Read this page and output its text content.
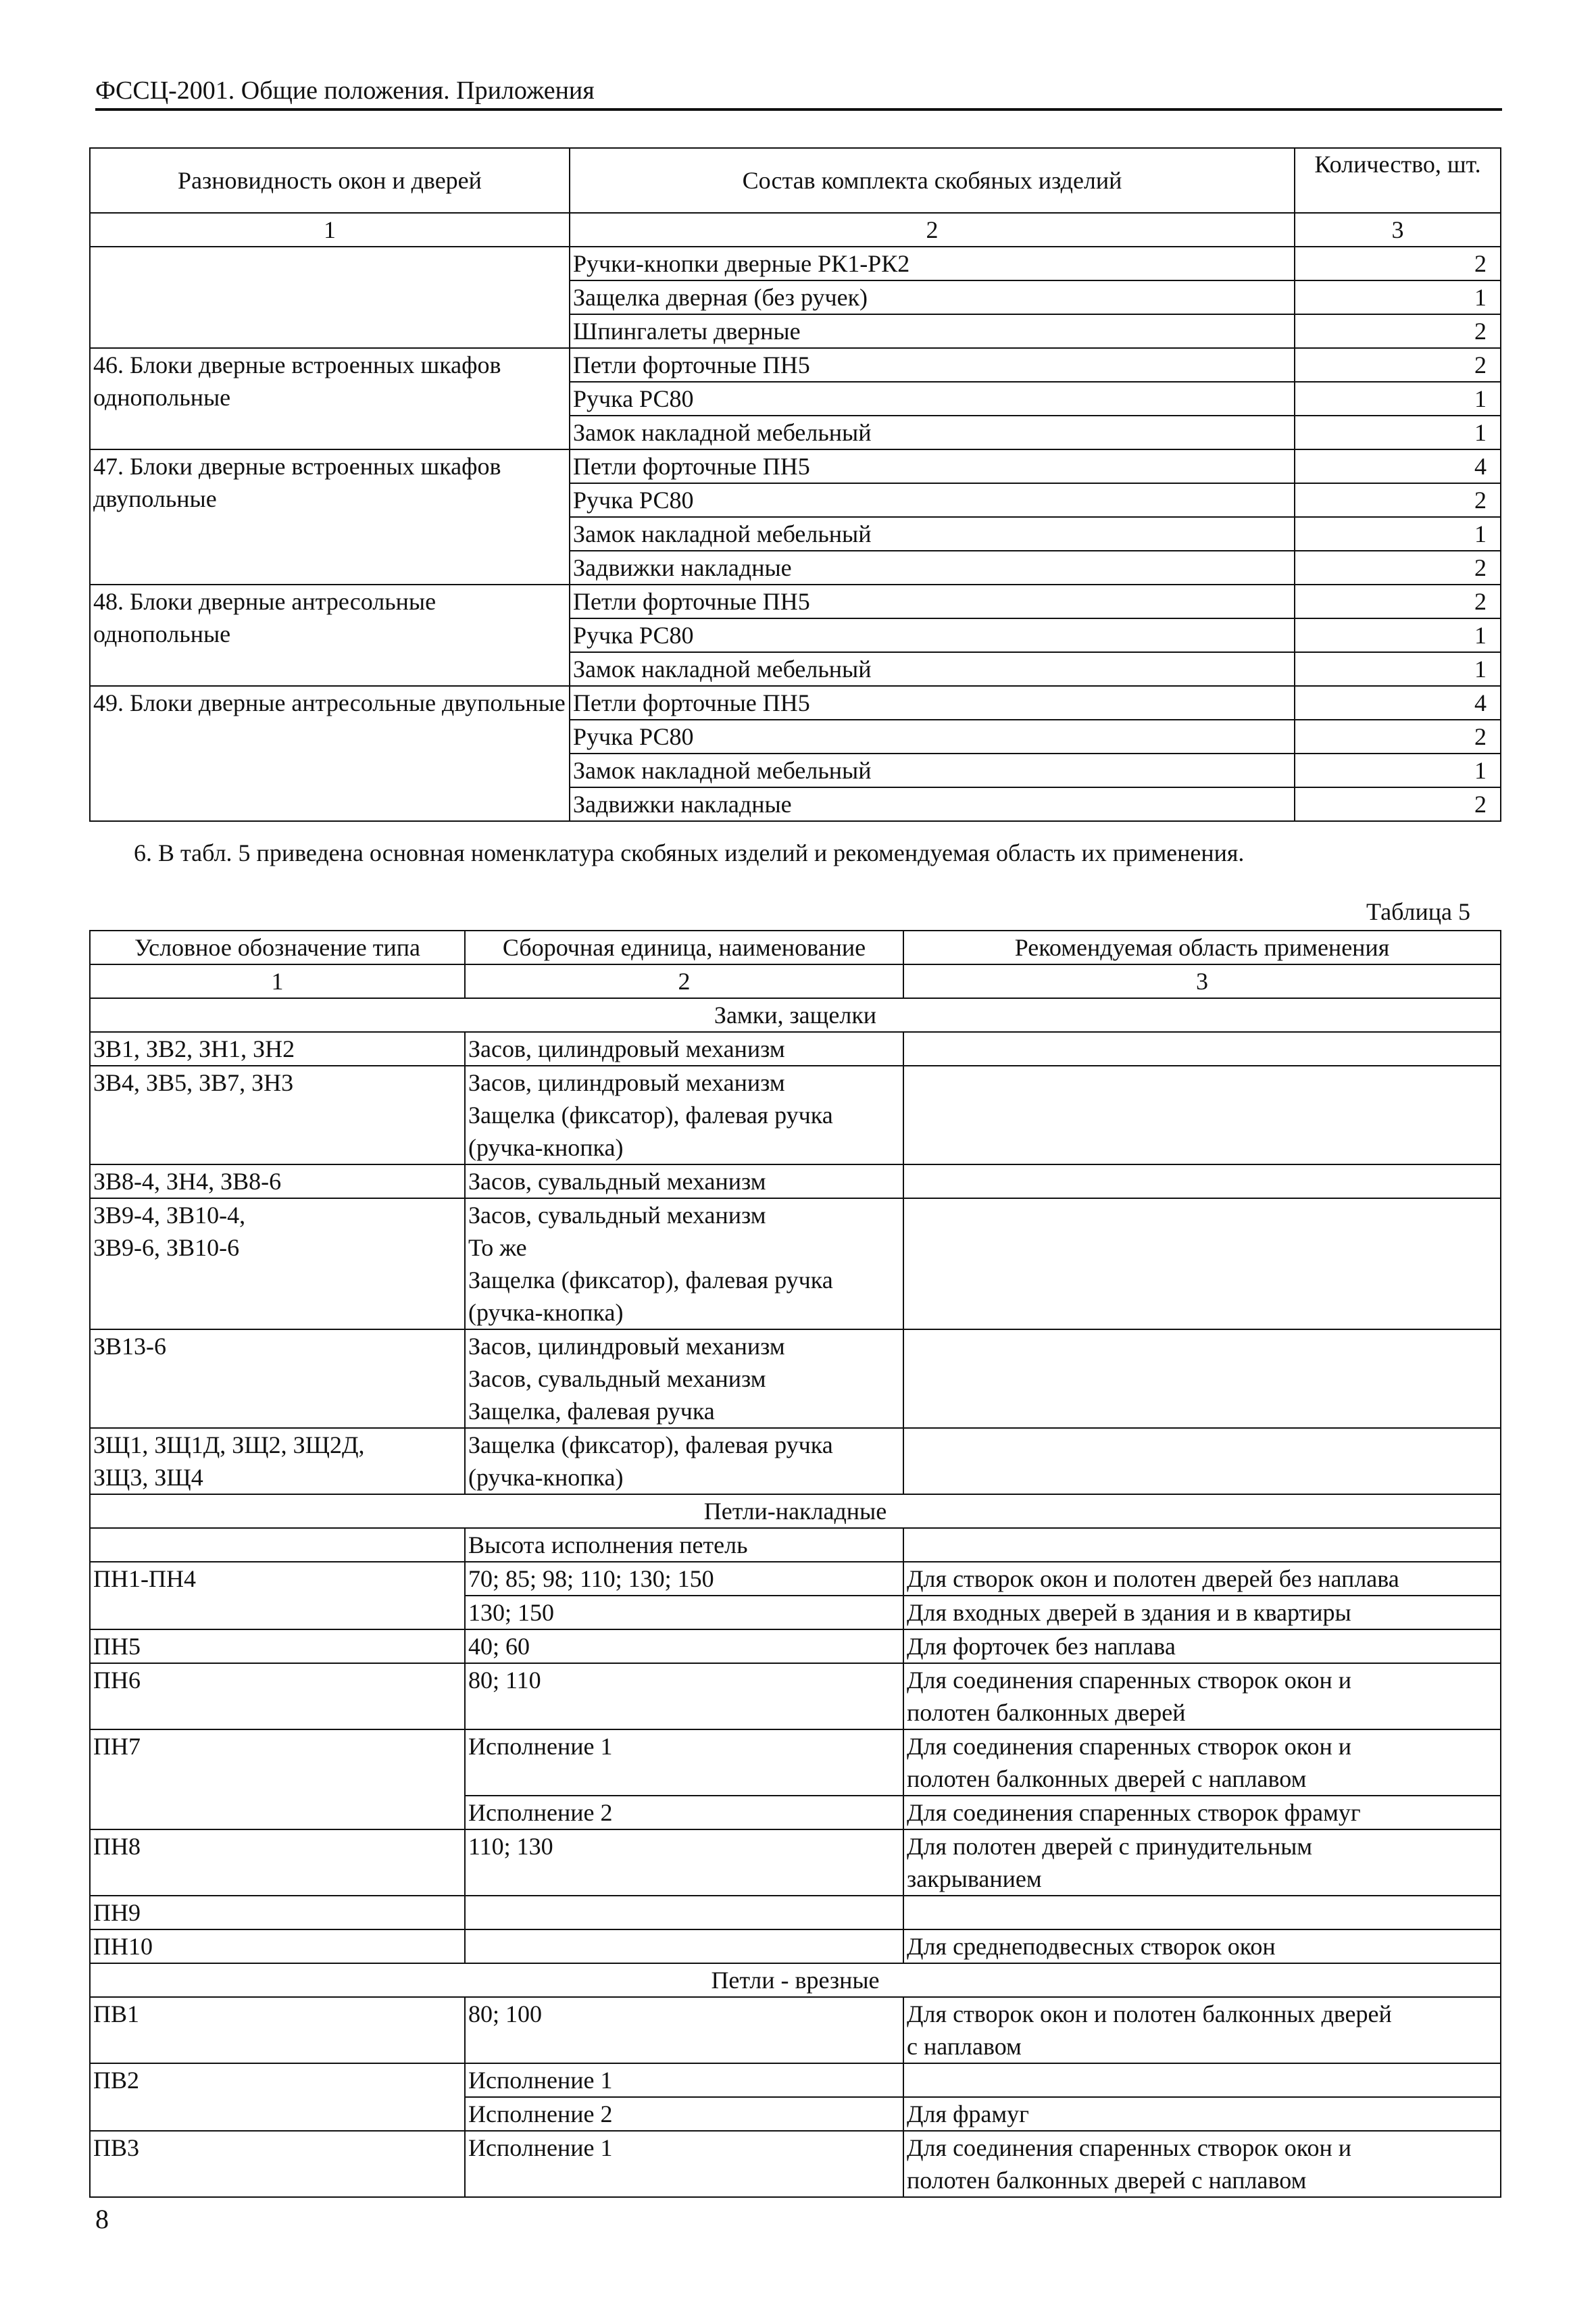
ФССЦ-2001. Общие положения. Приложения
Разновидность окон и дверей	Состав комплекта скобяных изделий	Количество, шт.
1	2	3
	Ручки-кнопки дверные РК1-РК2	2
	Защелка дверная (без ручек)	1
	Шпингалеты дверные	2
46. Блоки дверные встроенных шкафов однопольные	Петли форточные ПН5	2
	Ручка РС80	1
	Замок накладной мебельный	1
47. Блоки дверные встроенных шкафов двупольные	Петли форточные ПН5	4
	Ручка РС80	2
	Замок накладной мебельный	1
	Задвижки накладные	2
48. Блоки дверные антресольные однопольные	Петли форточные ПН5	2
	Ручка РС80	1
	Замок накладной мебельный	1
49. Блоки дверные антресольные двупольные	Петли форточные ПН5	4
	Ручка РС80	2
	Замок накладной мебельный	1
	Задвижки накладные	2
6. В табл. 5 приведена основная номенклатура скобяных изделий и рекомендуемая область их применения.
Таблица 5
Условное обозначение типа	Сборочная единица, наименование	Рекомендуемая область применения
1	2	3
Замки, защелки		

ЗВ1, ЗВ2, ЗН1, ЗН2	Засов, цилиндровый механизм	

ЗВ4, ЗВ5, ЗВ7, ЗН3	Засов, цилиндровый механизм
Защелка (фиксатор), фалевая ручка
(ручка-кнопка)	

ЗВ8-4, ЗН4, ЗВ8-6	Засов, сувальдный механизм	

ЗВ9-4, ЗВ10-4,
ЗВ9-6, ЗВ10-6	Засов, сувальдный механизм
То же
Защелка (фиксатор), фалевая ручка
(ручка-кнопка)	

ЗВ13-6	Засов, цилиндровый механизм
Засов, сувальдный механизм
Защелка, фалевая ручка	

ЗЩ1, ЗЩ1Д, ЗЩ2, ЗЩ2Д,
ЗЩ3, ЗЩ4	Защелка (фиксатор), фалевая ручка
(ручка-кнопка)	

Петли-накладные		

	Высота исполнения петель	

ПН1-ПН4	70; 85; 98; 110; 130; 150	Для створок окон и полотен дверей без наплава

	130; 150	Для входных дверей в здания и в квартиры

ПН5	40; 60	Для форточек без наплава

ПН6	80; 110	Для соединения спаренных створок окон и
полотен балконных дверей

ПН7	Исполнение 1	Для соединения спаренных створок окон и
полотен балконных дверей с наплавом

	Исполнение 2	Для соединения спаренных створок фрамуг

ПН8	110; 130	Для полотен дверей с принудительным
закрыванием

ПН9		

ПН10		Для среднеподвесных створок окон

Петли - врезные		

ПВ1	80; 100	Для створок окон и полотен балконных дверей
с наплавом

ПВ2	Исполнение 1	

	Исполнение 2	Для фрамуг

ПВ3	Исполнение 1	Для соединения спаренных створок окон и
полотен балконных дверей с наплавом
8
